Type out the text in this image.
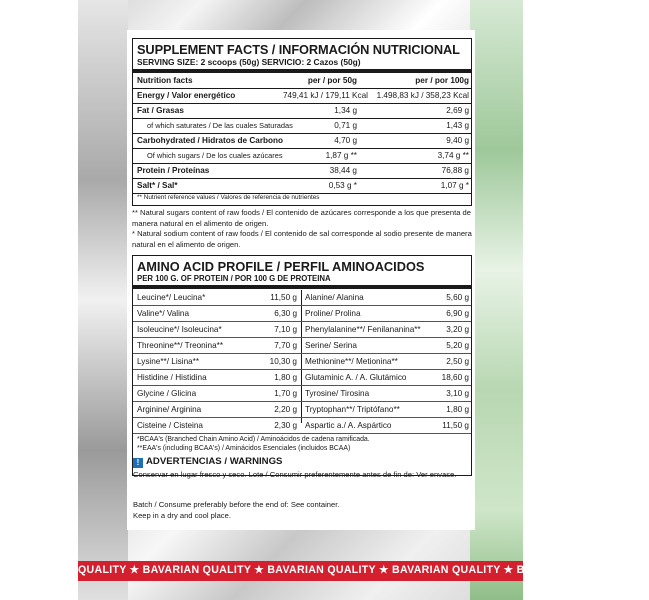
SUPPLEMENT FACTS / INFORMACIÓN NUTRICIONAL
SERVING SIZE: 2 scoops (50g) SERVICIO: 2 Cazos (50g)
Nutrition facts	per / por 50g	per / por 100g
Energy / Valor energético	749,41 kJ / 179,11 Kcal	1.498,83 kJ / 358,23 Kcal
Fat / Grasas	1,34 g	2,69 g
of which saturates / De las cuales Saturadas	0,71 g	1,43 g
Carbohydrated / Hidratos de Carbono	4,70 g	9,40 g
Of which sugars / De los cuales azúcares	1,87 g **	3,74 g **
Protein / Proteínas	38,44 g	76,88 g
Salt* / Sal*	0,53 g *	1,07 g *
** Nutrient reference values / Valores de referencia de nutrientes
** Natural sugars content of raw foods / El contenido de azúcares corresponde a los que presenta de manera natural en el alimento de origen.
* Natural sodium content of raw foods / El contenido de sal corresponde al sodio presente de manera natural en el alimento de origen.
AMINO ACID PROFILE / PERFIL AMINOACIDOS
PER 100 G. OF PROTEIN / POR 100 G DE PROTEINA
Leucine*/ Leucina*	11,50 g Alanine/ Alanina	5,60 g
Valine*/ Valina	6,30 g Proline/ Prolina	6,90 g
Isoleucine*/ Isoleucina*	7,10 g Phenylalanine**/ Fenilananina**	3,20 g
Threonine**/ Treonina**	7,70 g Serine/ Serina	5,20 g
Lysine**/ Lisina**	10,30 g Methionine**/ Metionina**	2,50 g
Histidine / Histidina	1,80 g Glutaminic A. / A. Glutámico	18,60 g
Glycine / Glicina	1,70 g Tyrosine/ Tirosina	3,10 g
Arginine/ Arginina	2,20 g Tryptophan**/ Triptófano**	1,80 g
Cisteine / Cisteina	2,30 g Aspartic a./ A. Aspártico	11,50 g
*BCAA's (Branched Chain Amino Acid) / Aminoácidos de cadena ramificada.
**EAA's (including BCAA's) / Aminácidos Esenciales (incluidos BCAA)
! ADVERTENCIAS / WARNINGS
Conservar en lugar fresco y seco. Lote / Consumir preferentemente antes de fin de: Ver envase.
Batch / Consume preferably before the end of: See container.
Keep in a dry and cool place.
QUALITY ★ BAVARIAN QUALITY ★ BAVARIAN QUALITY ★ BAVARIAN QUALITY ★ BAVARIAN QUALITY ★ B
